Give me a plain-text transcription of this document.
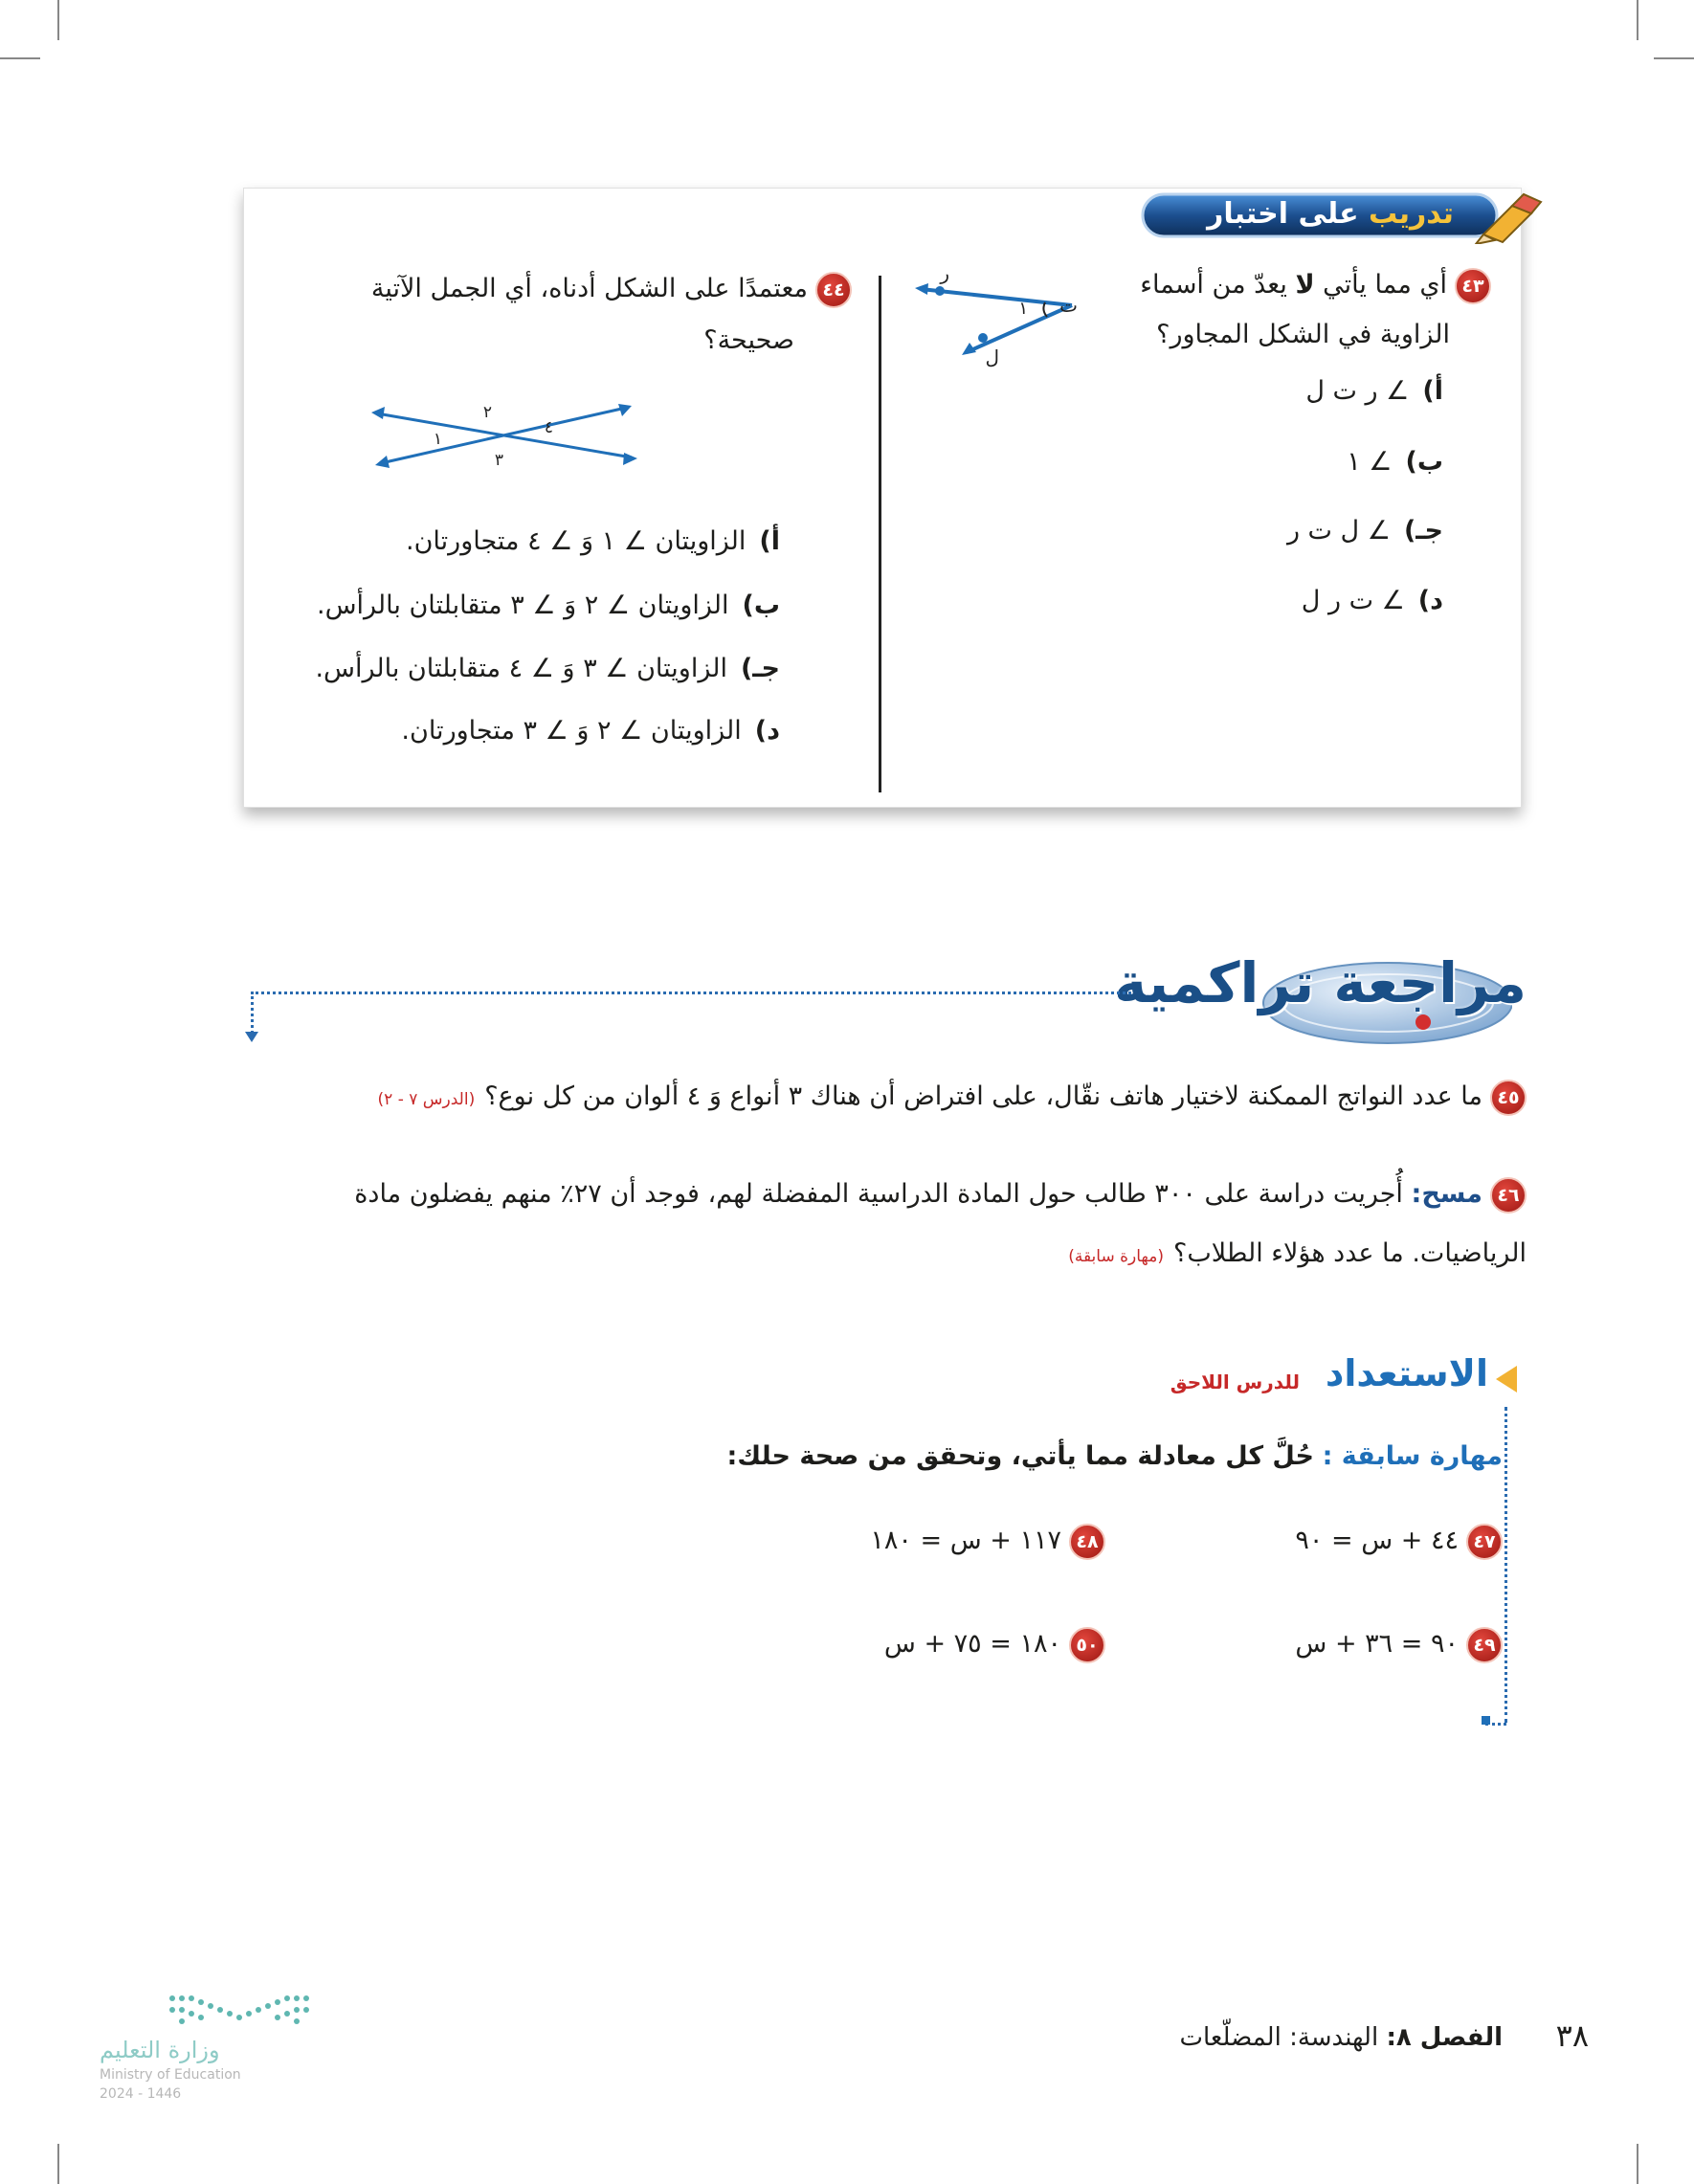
تدريب على اختبار
٤٣أي مما يأتي لا يعدّ من أسماء
الزاوية في الشكل المجاور؟
ر
ت
ل
١
أ)∠ ر ت ل
ب)∠ ١
جـ)∠ ل ت ر
د)∠ ت ر ل
٤٤معتمدًا على الشكل أدناه، أي الجمل الآتية
صحيحة؟
٢
٤
١
٣
أ)الزاويتان ∠ ١ وَ ∠ ٤ متجاورتان.
ب)الزاويتان ∠ ٢ وَ ∠ ٣ متقابلتان بالرأس.
جـ)الزاويتان ∠ ٣ وَ ∠ ٤ متقابلتان بالرأس.
د)الزاويتان ∠ ٢ وَ ∠ ٣ متجاورتان.
مراجعة تراكمية
٤٥ما عدد النواتج الممكنة لاختيار هاتف نقّال، على افتراض أن هناك ٣ أنواع وَ ٤ ألوان من كل نوع؟(الدرس ٧ - ٢)
٤٦مسح: أُجريت دراسة على ٣٠٠ طالب حول المادة الدراسية المفضلة لهم، فوجد أن ٢٧٪ منهم يفضلون مادة
الرياضيات. ما عدد هؤلاء الطلاب؟(مهارة سابقة)
الاستعداد
للدرس اللاحق
مهارة سابقة : حُلَّ كل معادلة مما يأتي، وتحقق من صحة حلك:
٤٧٤٤ + س = ٩٠
٤٨١١٧ + س = ١٨٠
٤٩٩٠ = ٣٦ + س
٥٠١٨٠ = ٧٥ + س
٣٨
الفصل ٨: الهندسة: المضلّعات
وزارة التعليم
Ministry of Education
2024 - 1446
